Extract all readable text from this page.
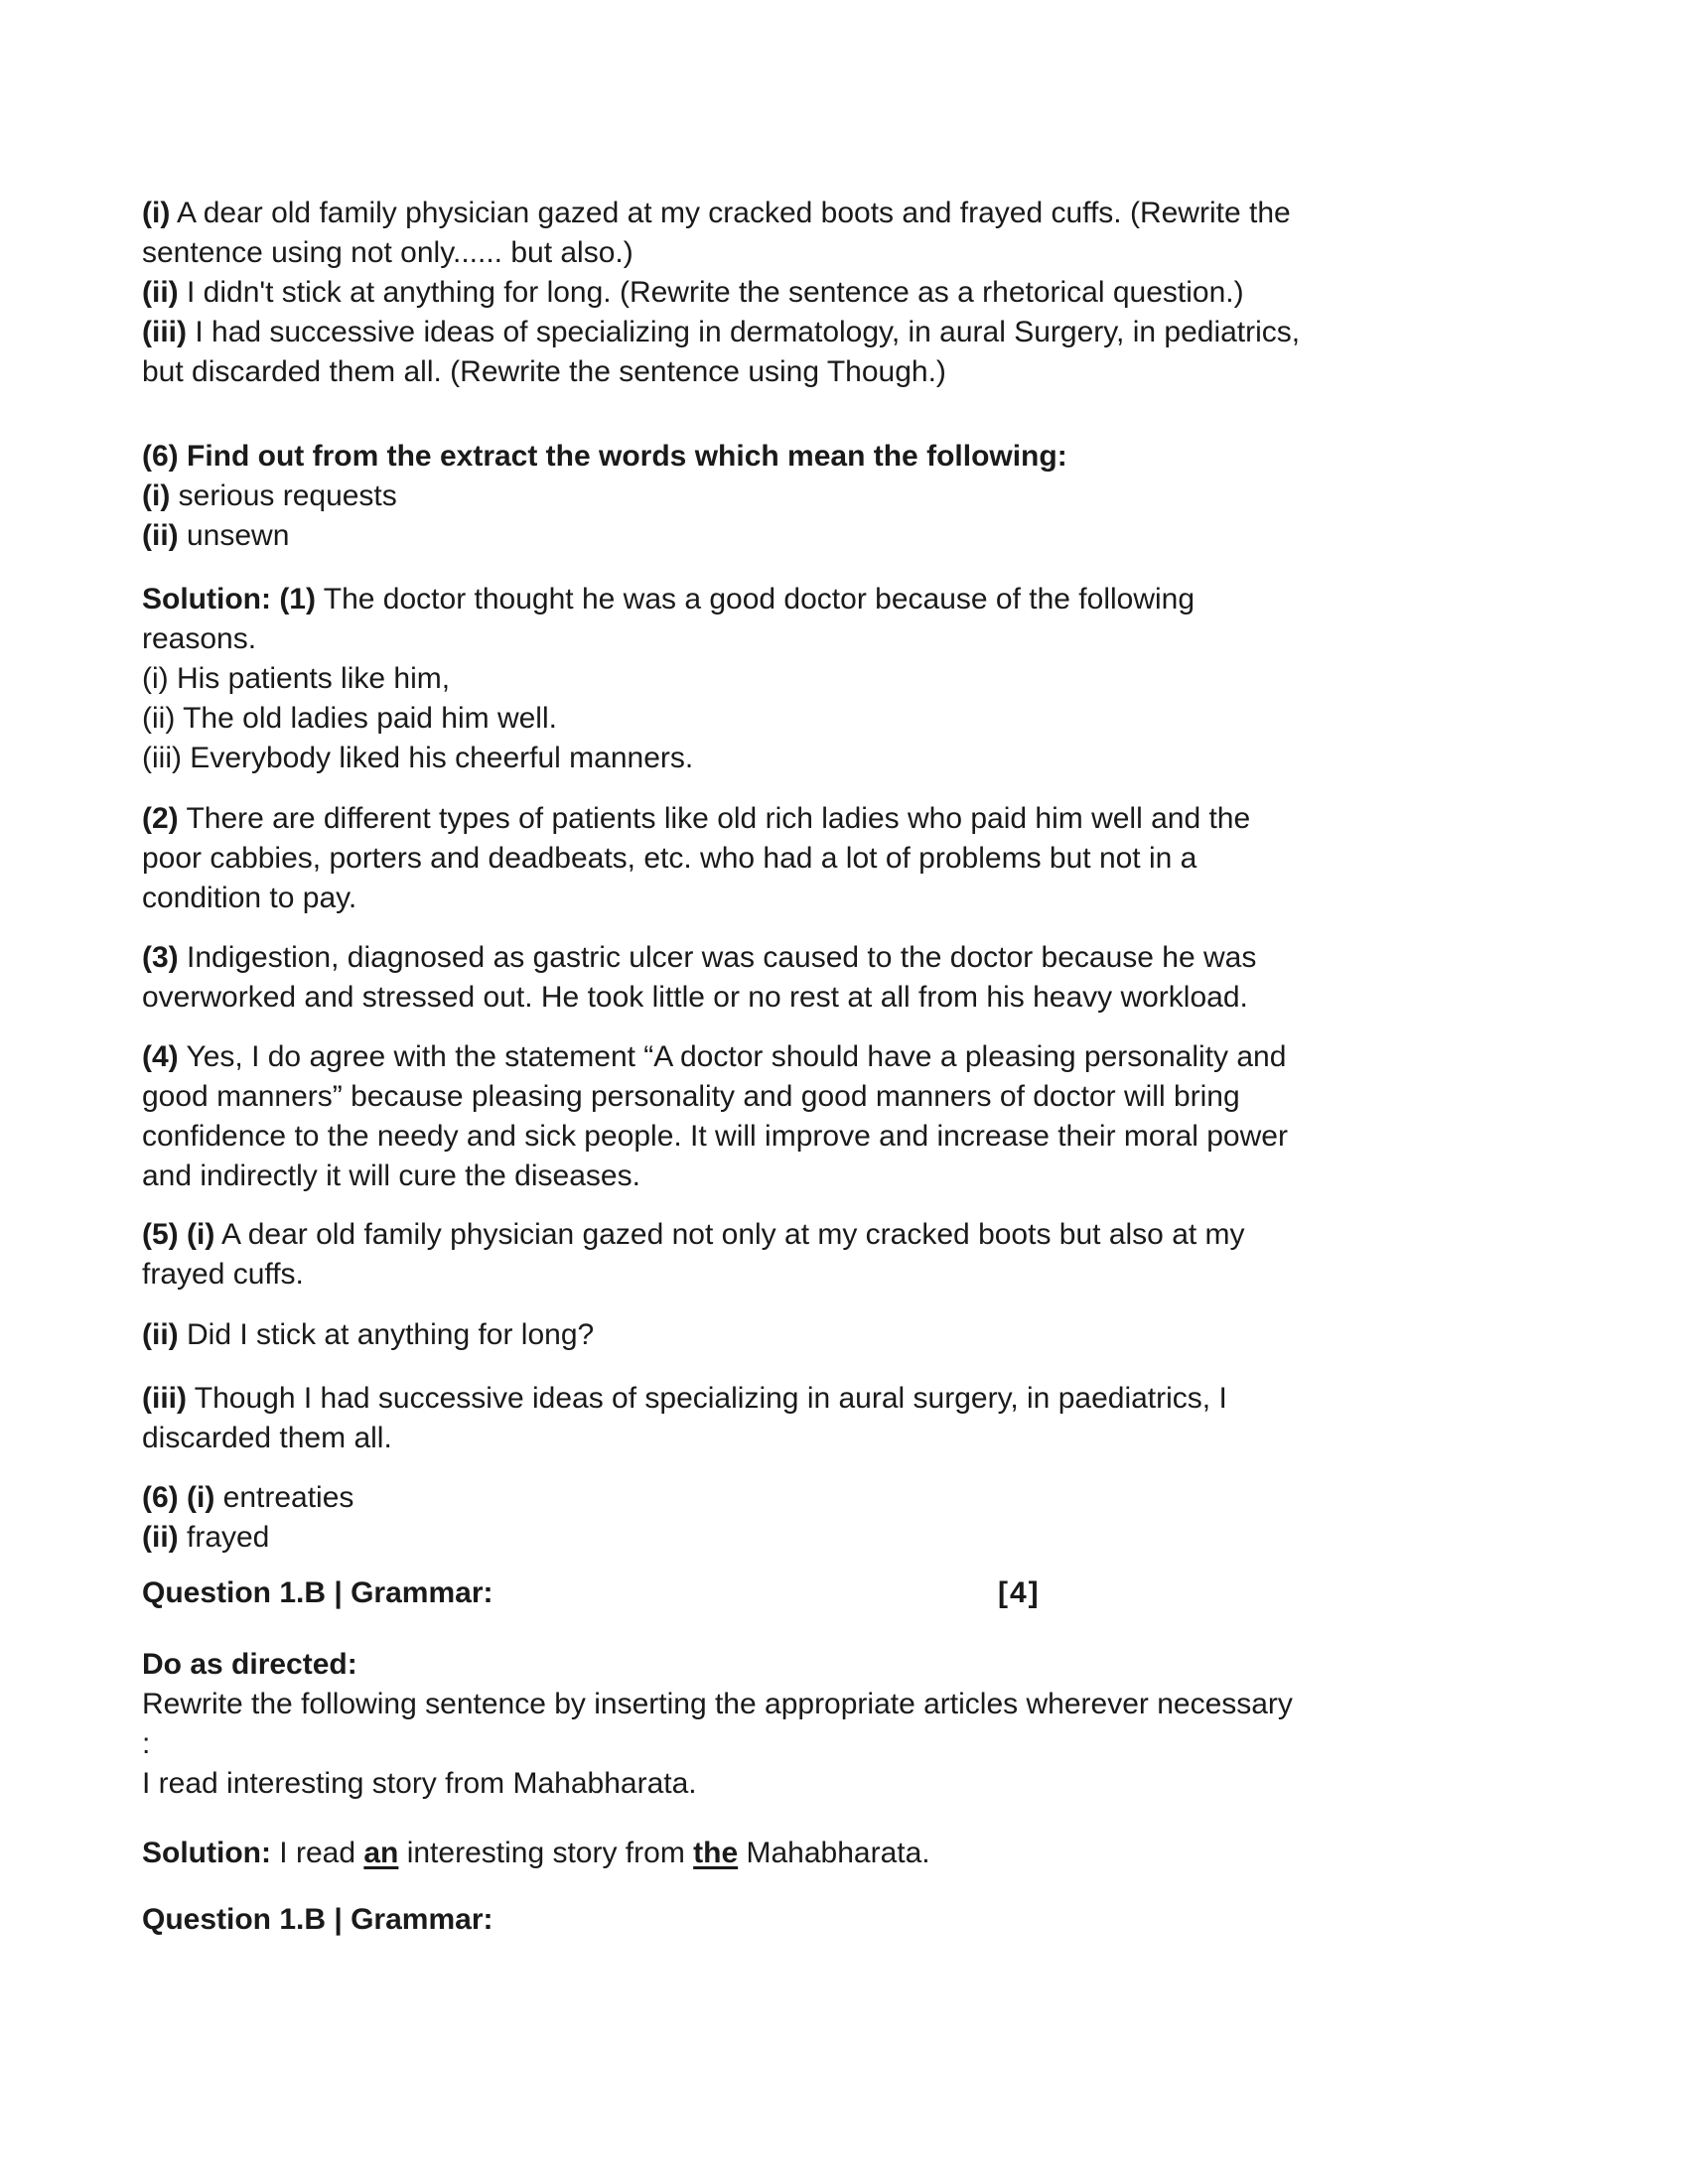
(i) A dear old family physician gazed at my cracked boots and frayed cuffs. (Rewrite the
sentence using not only...... but also.)
(ii) I didn't stick at anything for long. (Rewrite the sentence as a rhetorical question.)
(iii) I had successive ideas of specializing in dermatology, in aural Surgery, in pediatrics,
but discarded them all. (Rewrite the sentence using Though.)
(6) Find out from the extract the words which mean the following:
(i) serious requests
(ii) unsewn
Solution: (1) The doctor thought he was a good doctor because of the following
reasons.
(i) His patients like him,
(ii) The old ladies paid him well.
(iii) Everybody liked his cheerful manners.
(2) There are different types of patients like old rich ladies who paid him well and the
poor cabbies, porters and deadbeats, etc. who had a lot of problems but not in a
condition to pay.
(3) Indigestion, diagnosed as gastric ulcer was caused to the doctor because he was
overworked and stressed out. He took little or no rest at all from his heavy workload.
(4) Yes, I do agree with the statement “A doctor should have a pleasing personality and
good manners” because pleasing personality and good manners of doctor will bring
confidence to the needy and sick people. It will improve and increase their moral power
and indirectly it will cure the diseases.
(5) (i) A dear old family physician gazed not only at my cracked boots but also at my
frayed cuffs.
(ii) Did I stick at anything for long?
(iii) Though I had successive ideas of specializing in aural surgery, in paediatrics, I
discarded them all.
(6) (i) entreaties
(ii) frayed
Question 1.B | Grammar:	[4]
Do as directed:
Rewrite the following sentence by inserting the appropriate articles wherever necessary
:
I read interesting story from Mahabharata.
Solution: I read an interesting story from the Mahabharata.
Question 1.B | Grammar:
